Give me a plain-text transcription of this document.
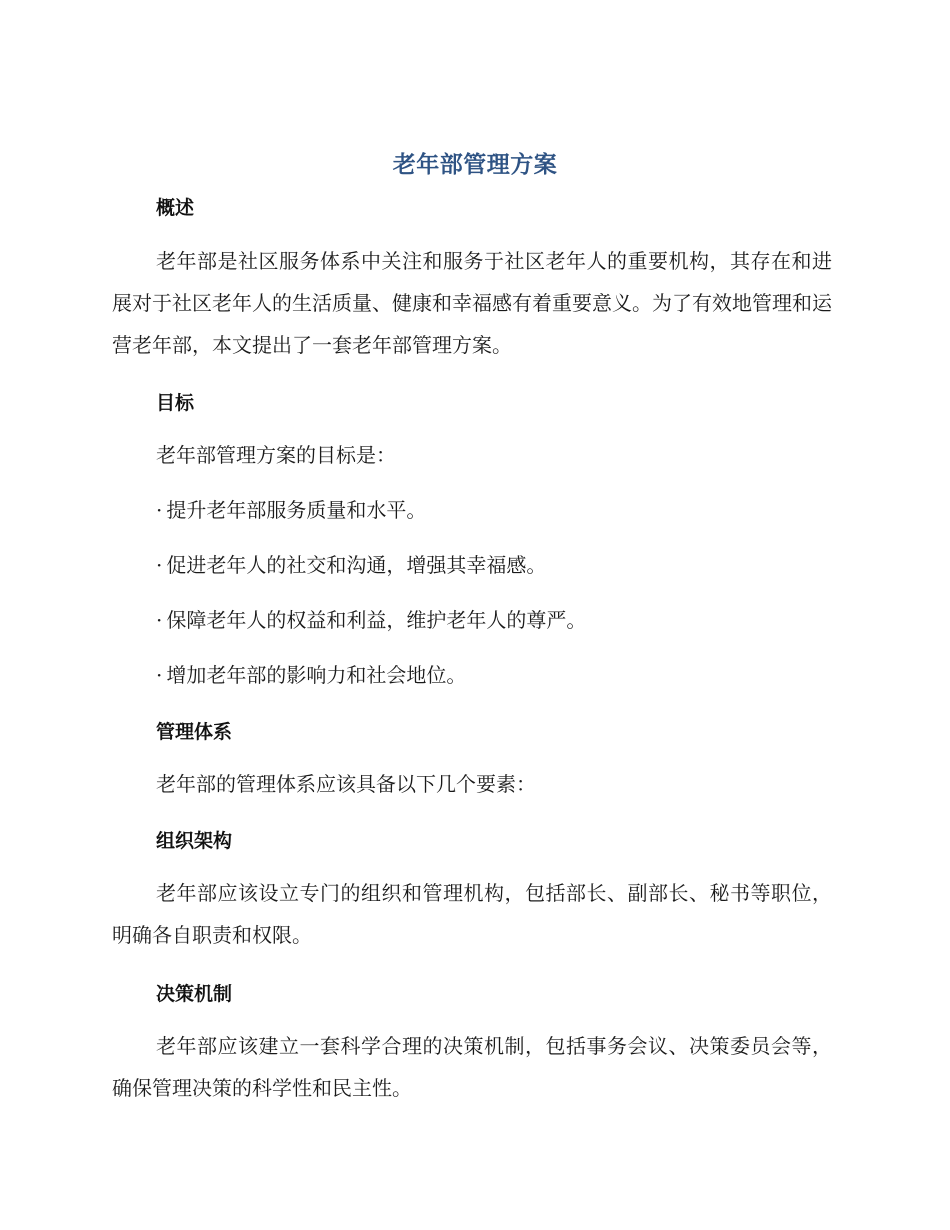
老年部管理方案
概述
老年部是社区服务体系中关注和服务于社区老年人的重要机构，其存在和进展对于社区老年人的生活质量、健康和幸福感有着重要意义。为了有效地管理和运营老年部，本文提出了一套老年部管理方案。
目标
老年部管理方案的目标是：
· 提升老年部服务质量和水平。
· 促进老年人的社交和沟通，增强其幸福感。
· 保障老年人的权益和利益，维护老年人的尊严。
· 增加老年部的影响力和社会地位。
管理体系
老年部的管理体系应该具备以下几个要素：
组织架构
老年部应该设立专门的组织和管理机构，包括部长、副部长、秘书等职位，明确各自职责和权限。
决策机制
老年部应该建立一套科学合理的决策机制，包括事务会议、决策委员会等，确保管理决策的科学性和民主性。
